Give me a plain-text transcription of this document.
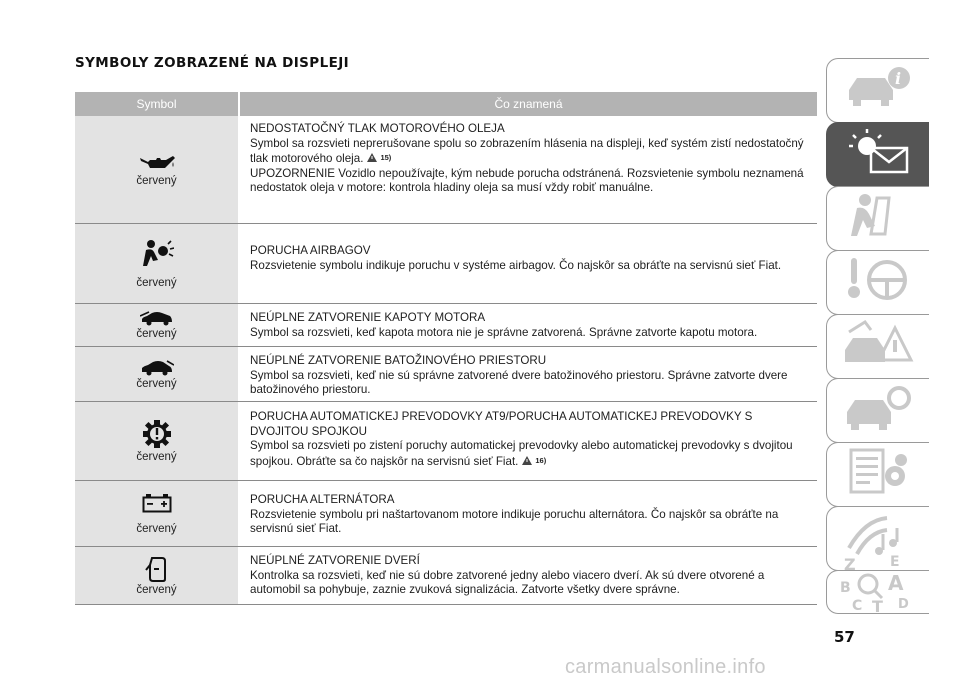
SYMBOLY ZOBRAZENÉ NA DISPLEJI
Symbol	Čo znamená
červený
NEDOSTATOČNÝ TLAK MOTOROVÉHO OLEJA
Symbol sa rozsvieti neprerušovane spolu so zobrazením hlásenia na displeji, keď systém zistí nedostatočný tlak motorového oleja. 15)
UPOZORNENIE Vozidlo nepoužívajte, kým nebude porucha odstránená. Rozsvietenie symbolu neznamená nedostatok oleja v motore: kontrola hladiny oleja sa musí vždy robiť manuálne.
červený
PORUCHA AIRBAGOV
Rozsvietenie symbolu indikuje poruchu v systéme airbagov. Čo najskôr sa obráťte na servisnú sieť Fiat.
červený
NEÚPLNE ZATVORENIE KAPOTY MOTORA
Symbol sa rozsvieti, keď kapota motora nie je správne zatvorená. Správne zatvorte kapotu motora.
červený
NEÚPLNÉ ZATVORENIE BATOŽINOVÉHO PRIESTORU
Symbol sa rozsvieti, keď nie sú správne zatvorené dvere batožinového priestoru. Správne zatvorte dvere batožinového priestoru.
červený
PORUCHA AUTOMATICKEJ PREVODOVKY AT9/PORUCHA AUTOMATICKEJ PREVODOVKY S DVOJITOU SPOJKOU
Symbol sa rozsvieti po zistení poruchy automatickej prevodovky alebo automatickej prevodovky s dvojitou spojkou. Obráťte sa čo najskôr na servisnú sieť Fiat. 16)
červený
PORUCHA ALTERNÁTORA
Rozsvietenie symbolu pri naštartovanom motore indikuje poruchu alternátora. Čo najskôr sa obráťte na servisnú sieť Fiat.
červený
NEÚPLNÉ ZATVORENIE DVERÍ
Kontrolka sa rozsvieti, keď nie sú dobre zatvorené jedny alebo viacero dverí. Ak sú dvere otvorené a automobil sa pohybuje, zaznie zvuková signalizácia. Zatvorte všetky dvere správne.
i
Z E
B A
C T D
57
carmanualsonline.info
